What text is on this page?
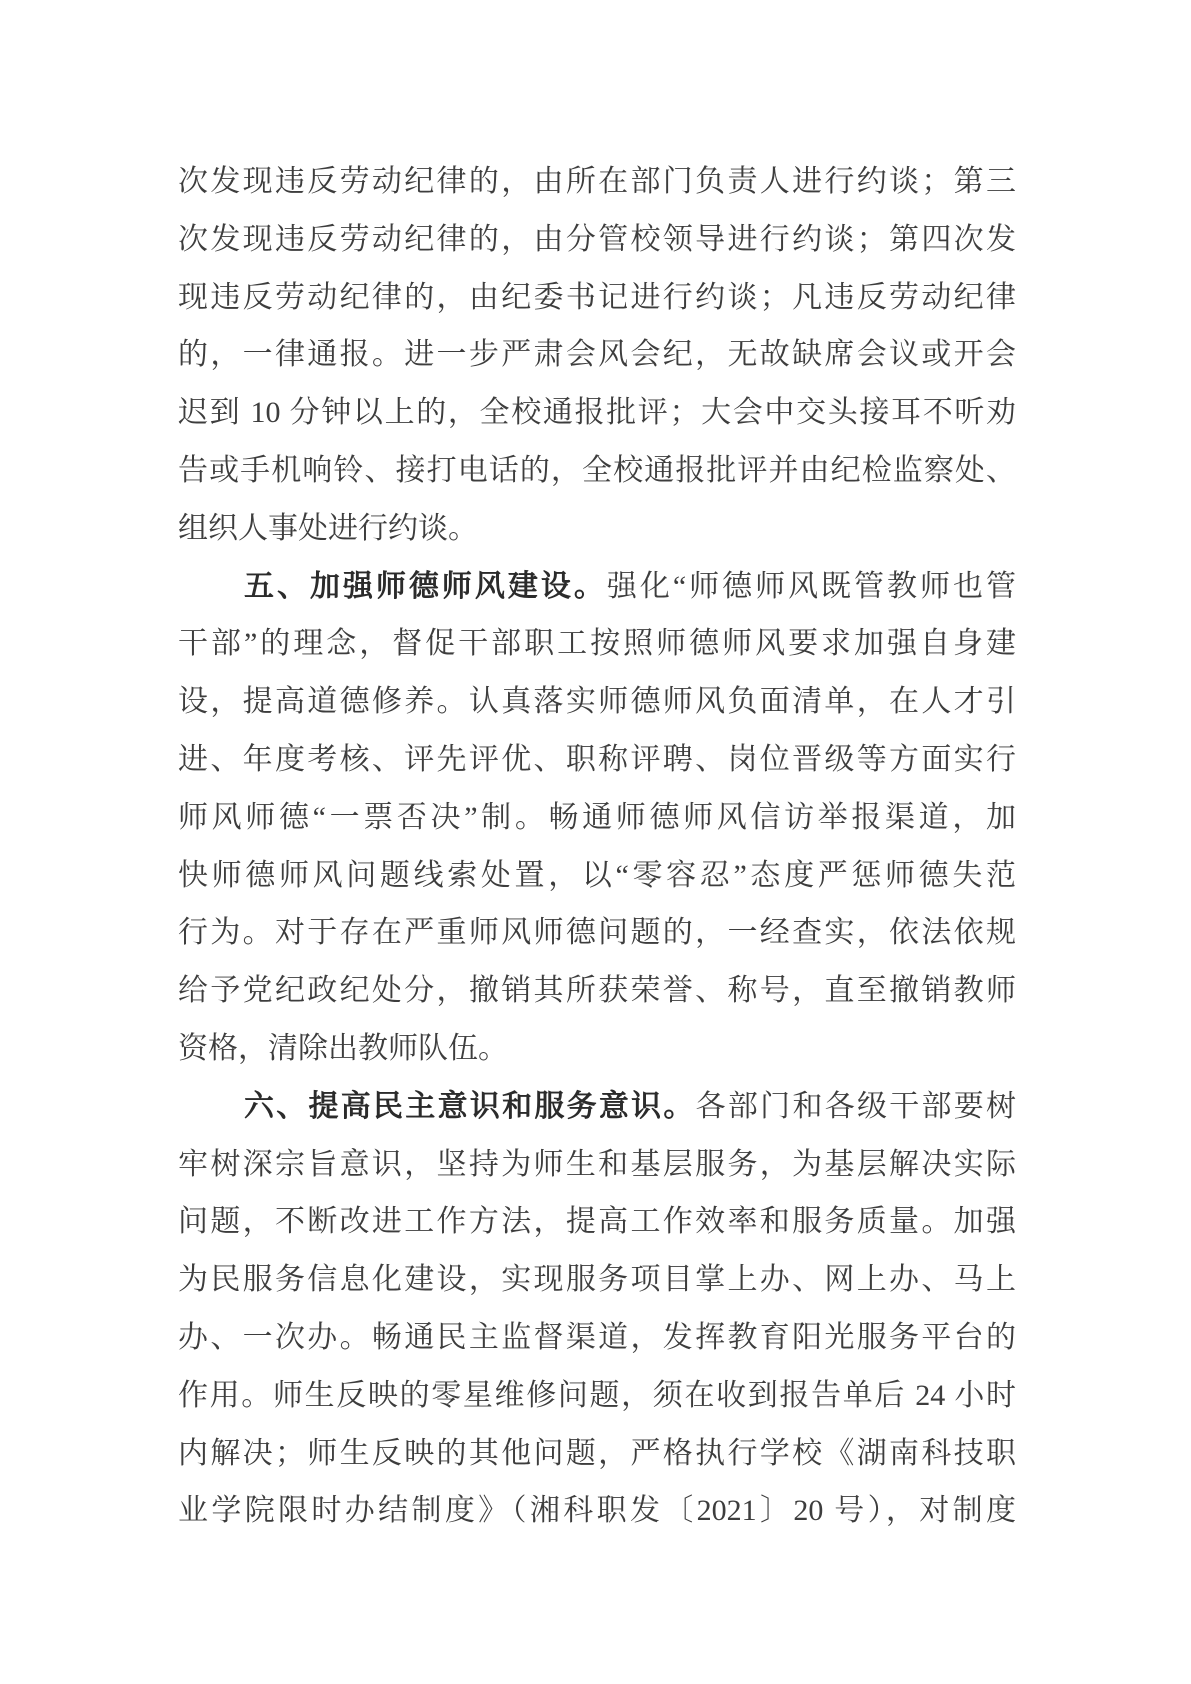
次发现违反劳动纪律的，由所在部门负责人进行约谈；第三
次发现违反劳动纪律的，由分管校领导进行约谈；第四次发
现违反劳动纪律的，由纪委书记进行约谈；凡违反劳动纪律
的，一律通报。进一步严肃会风会纪，无故缺席会议或开会
迟到 10 分钟以上的，全校通报批评；大会中交头接耳不听劝
告或手机响铃、接打电话的，全校通报批评并由纪检监察处、
组织人事处进行约谈。
五、加强师德师风建设。强化“师德师风既管教师也管
干部”的理念，督促干部职工按照师德师风要求加强自身建
设，提高道德修养。认真落实师德师风负面清单，在人才引
进、年度考核、评先评优、职称评聘、岗位晋级等方面实行
师风师德“一票否决”制。畅通师德师风信访举报渠道，加
快师德师风问题线索处置，以“零容忍”态度严惩师德失范
行为。对于存在严重师风师德问题的，一经查实，依法依规
给予党纪政纪处分，撤销其所获荣誉、称号，直至撤销教师
资格，清除出教师队伍。
六、提高民主意识和服务意识。各部门和各级干部要树
牢树深宗旨意识，坚持为师生和基层服务，为基层解决实际
问题，不断改进工作方法，提高工作效率和服务质量。加强
为民服务信息化建设，实现服务项目掌上办、网上办、马上
办、一次办。畅通民主监督渠道，发挥教育阳光服务平台的
作用。师生反映的零星维修问题，须在收到报告单后 24 小时
内解决；师生反映的其他问题，严格执行学校《湖南科技职
业学院限时办结制度》（湘科职发〔2021〕20 号），对制度
